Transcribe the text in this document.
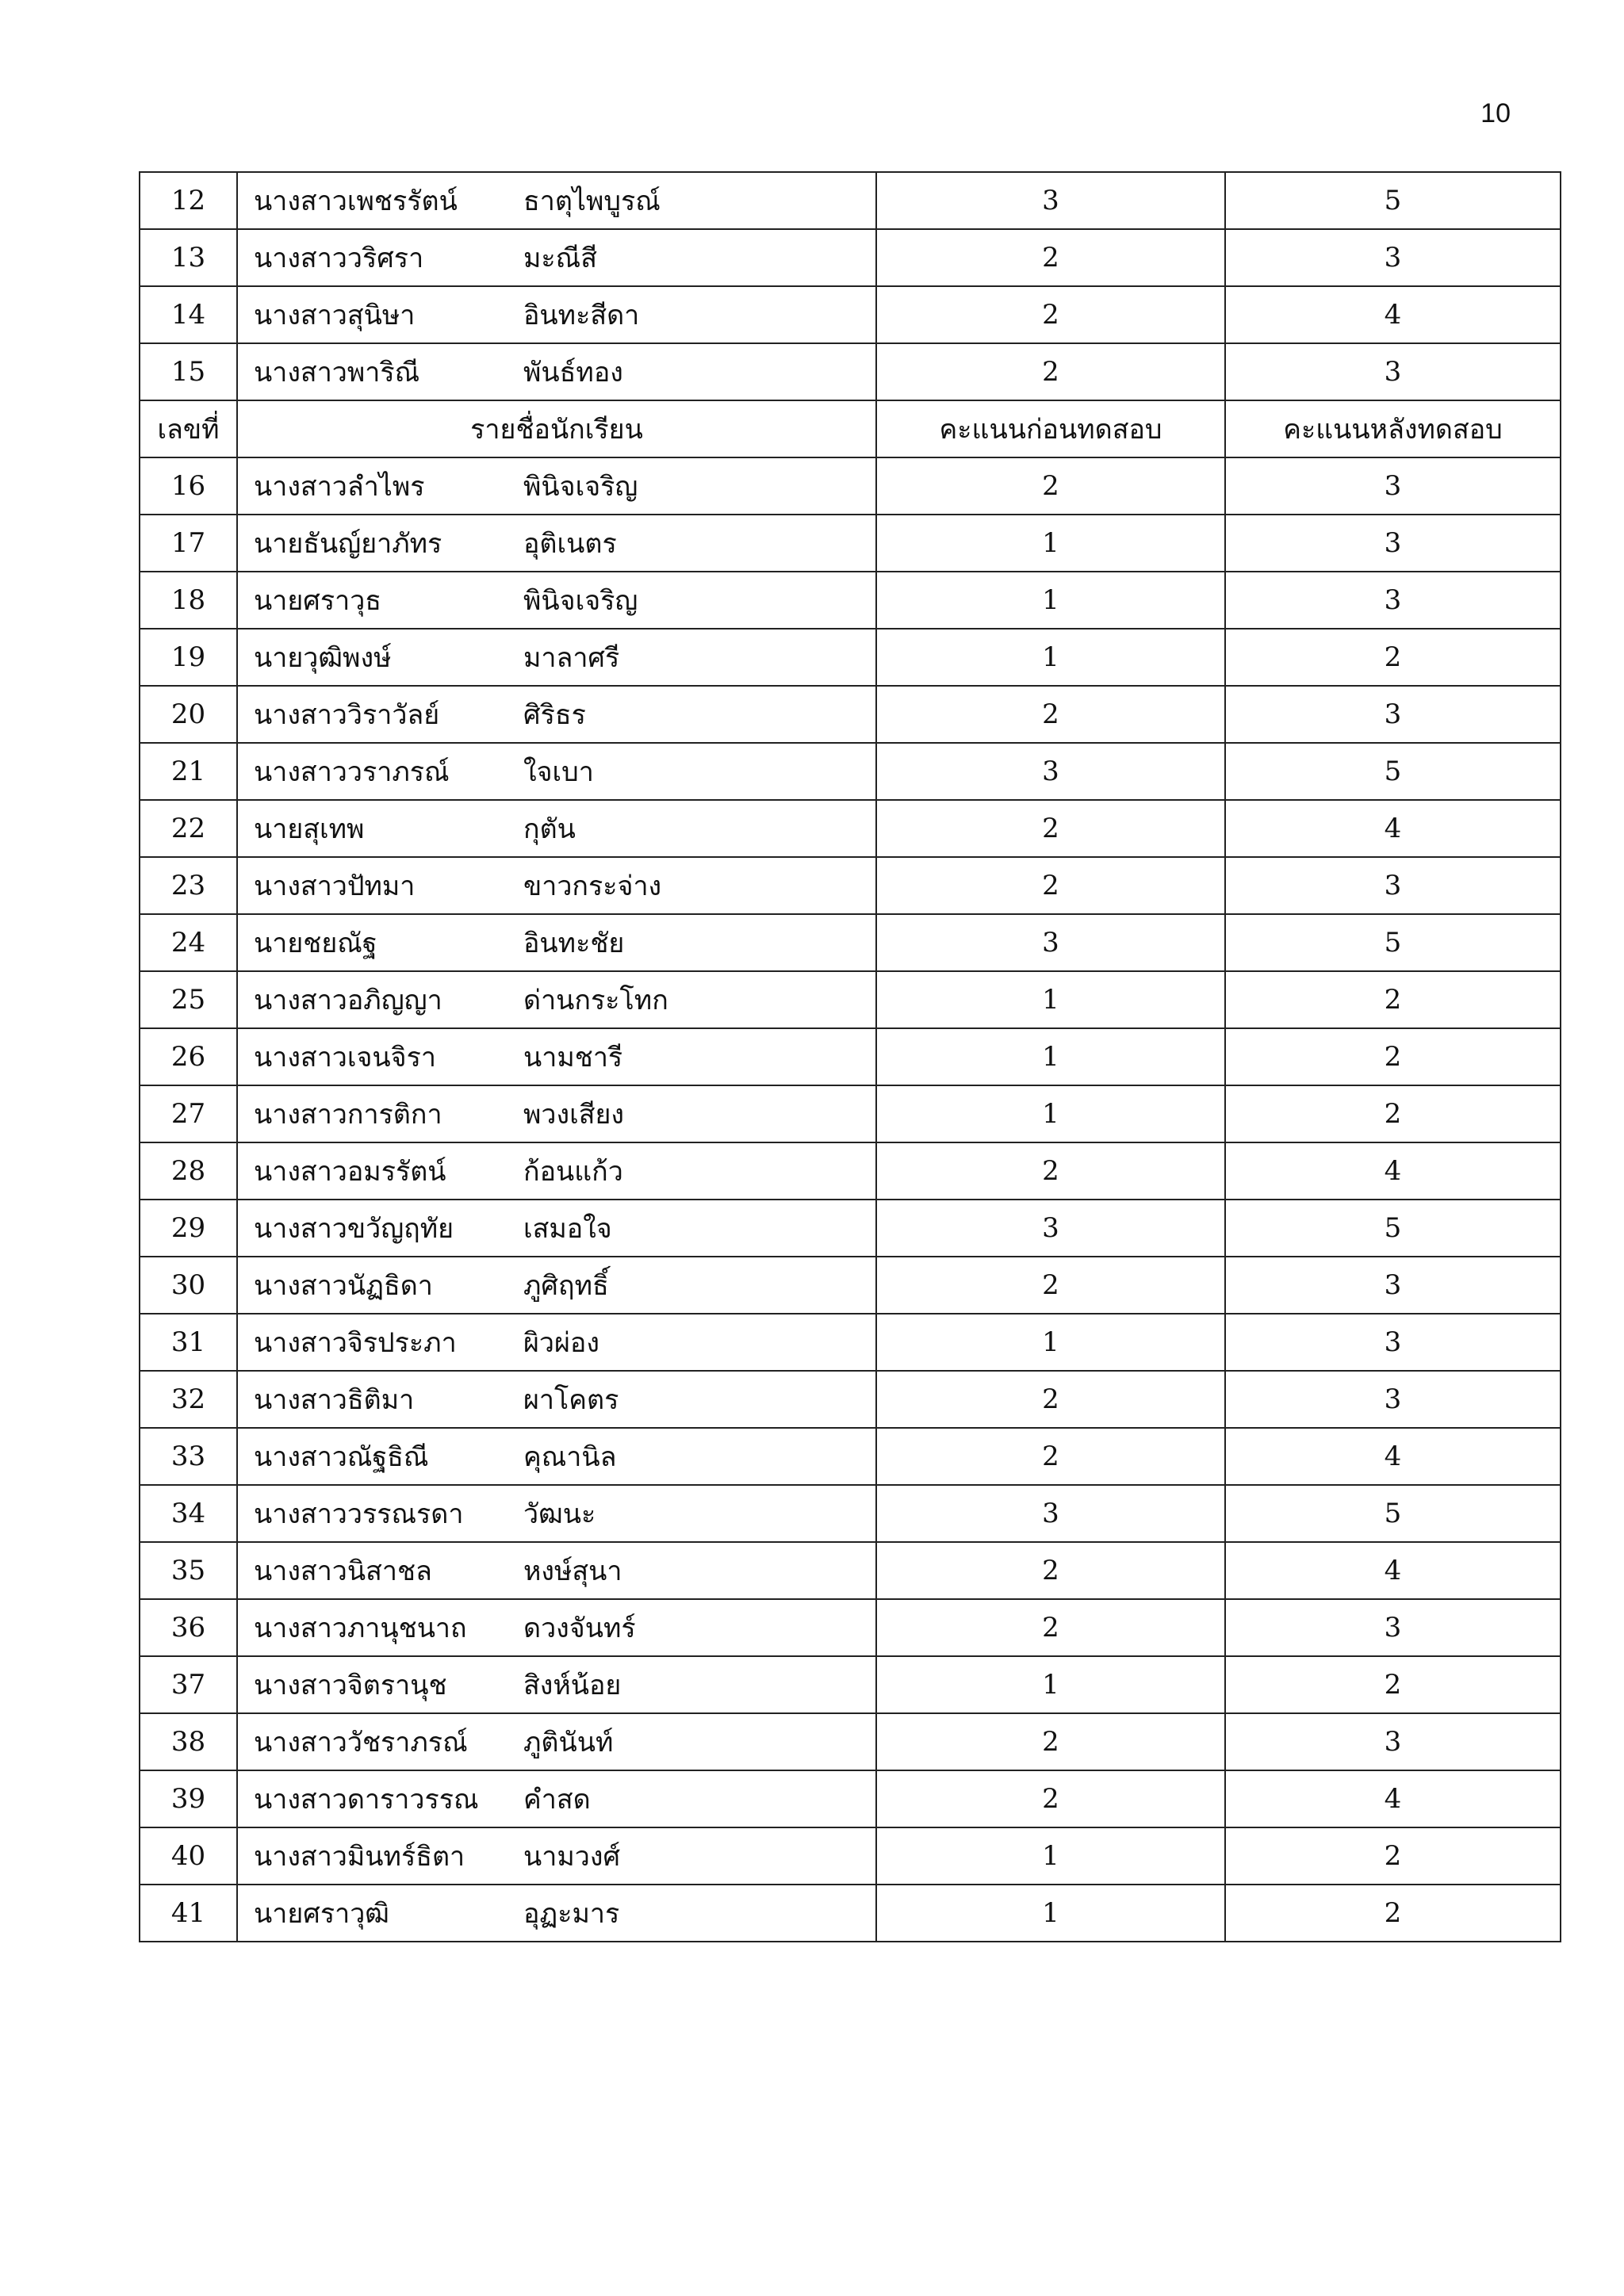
10
12	นางสาวเพชรรัตน์ ธาตุไพบูรณ์	3	5
13	นางสาววริศรา มะณีสี	2	3
14	นางสาวสุนิษา อินทะสีดา	2	4
15	นางสาวพาริณี พันธ์ทอง	2	3
เลขที่	รายชื่อนักเรียน	คะแนนก่อนทดสอบ	คะแนนหลังทดสอบ
16	นางสาวลำไพร พินิจเจริญ	2	3
17	นายธันญ์ยาภัทร อุติเนตร	1	3
18	นายศราวุธ พินิจเจริญ	1	3
19	นายวุฒิพงษ์ มาลาศรี	1	2
20	นางสาววิราวัลย์ ศิริธร	2	3
21	นางสาววราภรณ์ ใจเบา	3	5
22	นายสุเทพ กุตัน	2	4
23	นางสาวปัทมา ขาวกระจ่าง	2	3
24	นายชยณัฐ อินทะชัย	3	5
25	นางสาวอภิญญา ด่านกระโทก	1	2
26	นางสาวเจนจิรา นามชารี	1	2
27	นางสาวการติกา พวงเสียง	1	2
28	นางสาวอมรรัตน์ ก้อนแก้ว	2	4
29	นางสาวขวัญฤทัย เสมอใจ	3	5
30	นางสาวนัฏธิดา ภูศิฤทธิ์	2	3
31	นางสาวจิรประภา ผิวผ่อง	1	3
32	นางสาวธิติมา ผาโคตร	2	3
33	นางสาวณัฐธิณี คุณานิล	2	4
34	นางสาววรรณรดา วัฒนะ	3	5
35	นางสาวนิสาชล หงษ์สุนา	2	4
36	นางสาวภานุชนาถ ดวงจันทร์	2	3
37	นางสาวจิตรานุช สิงห์น้อย	1	2
38	นางสาววัชราภรณ์ ภูตินันท์	2	3
39	นางสาวดาราวรรณ คำสด	2	4
40	นางสาวมินทร์ธิตา นามวงศ์	1	2
41	นายศราวุฒิ อุฏะมาร	1	2
